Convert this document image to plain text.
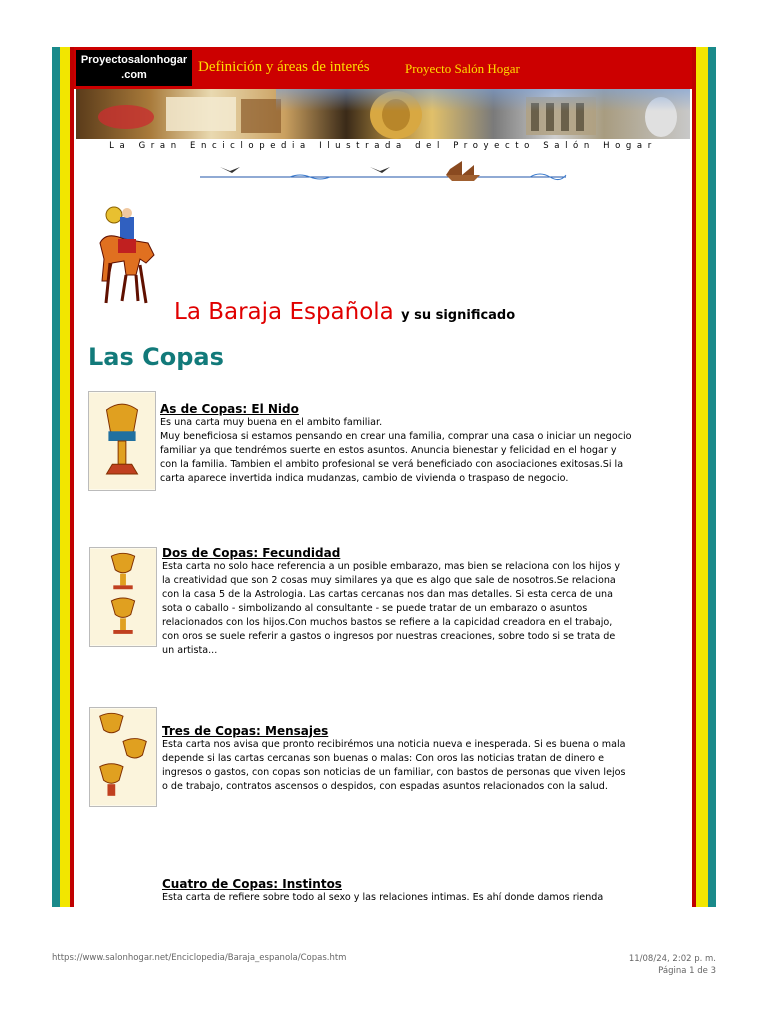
Proyectosalonhogar
.com	Definición y áreas de interés	Proyecto Salón Hogar
La Gran Enciclopedia Ilustrada del Proyecto Salón Hogar
La Baraja Española y su significado
Las Copas
As de Copas: El Nido
Es una carta muy buena en el ambito familiar.
Muy beneficiosa si estamos pensando en crear una familia, comprar una casa o iniciar un negocio
familiar ya que tendrémos suerte en estos asuntos. Anuncia bienestar y felicidad en el hogar y
con la familia. Tambien el ambito profesional se verá beneficiado con asociaciones exitosas.Si la
carta aparece invertida indica mudanzas, cambio de vivienda o traspaso de negocio.
Dos de Copas: Fecundidad
Esta carta no solo hace referencia a un posible embarazo, mas bien se relaciona con los hijos y
la creatividad que son 2 cosas muy similares ya que es algo que sale de nosotros.Se relaciona
con la casa 5 de la Astrologia. Las cartas cercanas nos dan mas detalles. Si esta cerca de una
sota o caballo - simbolizando al consultante - se puede tratar de un embarazo o asuntos
relacionados con los hijos.Con muchos bastos se refiere a la capicidad creadora en el trabajo,
con oros se suele referir a gastos o ingresos por nuestras creaciones, sobre todo si se trata de
un artista...
Tres de Copas: Mensajes
Esta carta nos avisa que pronto recibirémos una noticia nueva e inesperada. Si es buena o mala
depende si las cartas cercanas son buenas o malas: Con oros las noticias tratan de dinero e
ingresos o gastos, con copas son noticias de un familiar, con bastos de personas que viven lejos
o de trabajo, contratos ascensos o despidos, con espadas asuntos relacionados con la salud.
Cuatro de Copas: Instintos
Esta carta de refiere sobre todo al sexo y las relaciones intimas. Es ahí donde damos rienda
https://www.salonhogar.net/Enciclopedia/Baraja_espanola/Copas.htm	11/08/24, 2:02 p. m.
Página 1 de 3
